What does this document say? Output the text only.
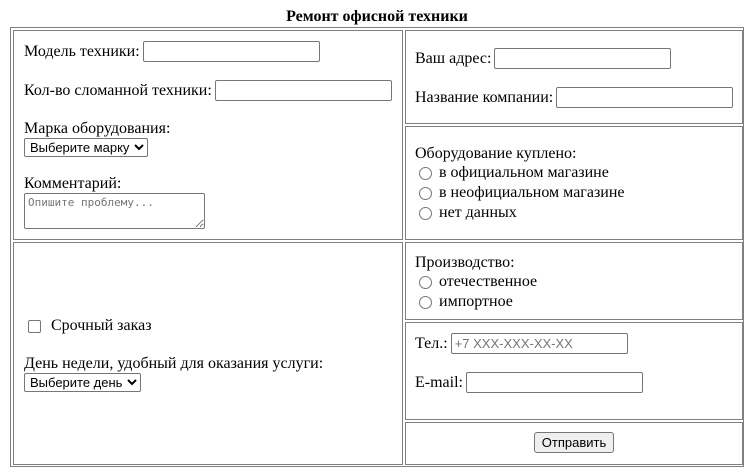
Ремонт офисной техники
Модель техники:
Кол-во сломанной техники:
Марка оборудования:
Выберите марку
Комментарий:
Опишите проблему...
Ваш адрес:
Название компании:
Оборудование куплено:
в официальном магазине
в неофициальном магазине
нет данных
Срочный заказ
День недели, удобный для оказания услуги:
Выберите день
Производство:
отечественное
импортное
Тел.:
+7 XXX-XXX-XX-XX
E-mail:
Отправить
